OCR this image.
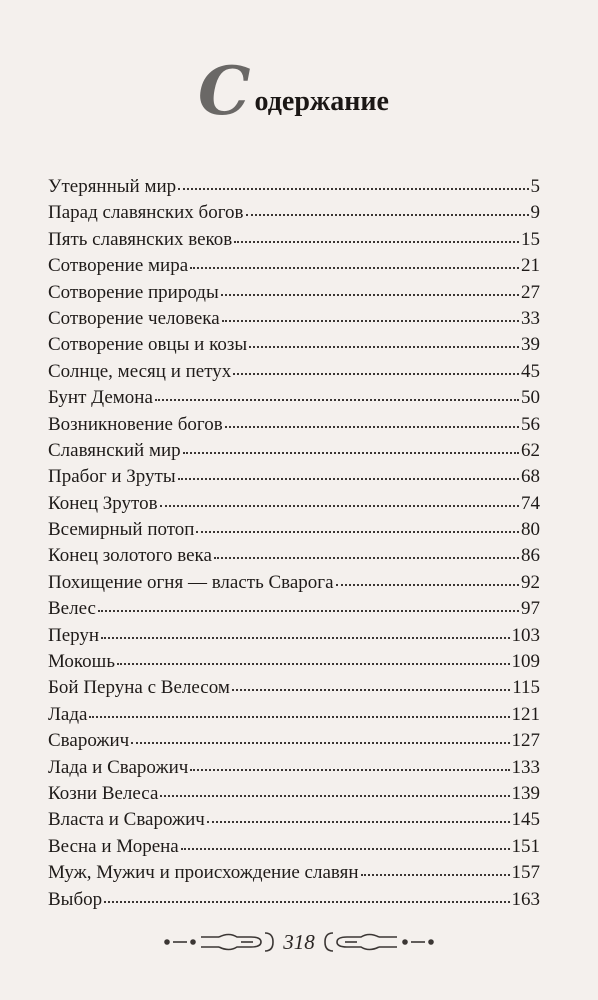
С одержание
Утерянный мир	5
Парад славянских богов	9
Пять славянских веков	15
Сотворение мира	21
Сотворение природы	27
Сотворение человека	33
Сотворение овцы и козы	39
Солнце, месяц и петух	45
Бунт Демона	50
Возникновение богов	56
Славянский мир	62
Прабог и Зруты	68
Конец Зрутов	74
Всемирный потоп	80
Конец золотого века	86
Похищение огня — власть Сварога	92
Велес	97
Перун	103
Мокошь	109
Бой Перуна с Велесом	115
Лада	121
Сварожич	127
Лада и Сварожич	133
Козни Велеса	139
Власта и Сварожич	145
Весна и Морена	151
Муж, Мужич и происхождение славян	157
Выбор	163
318
